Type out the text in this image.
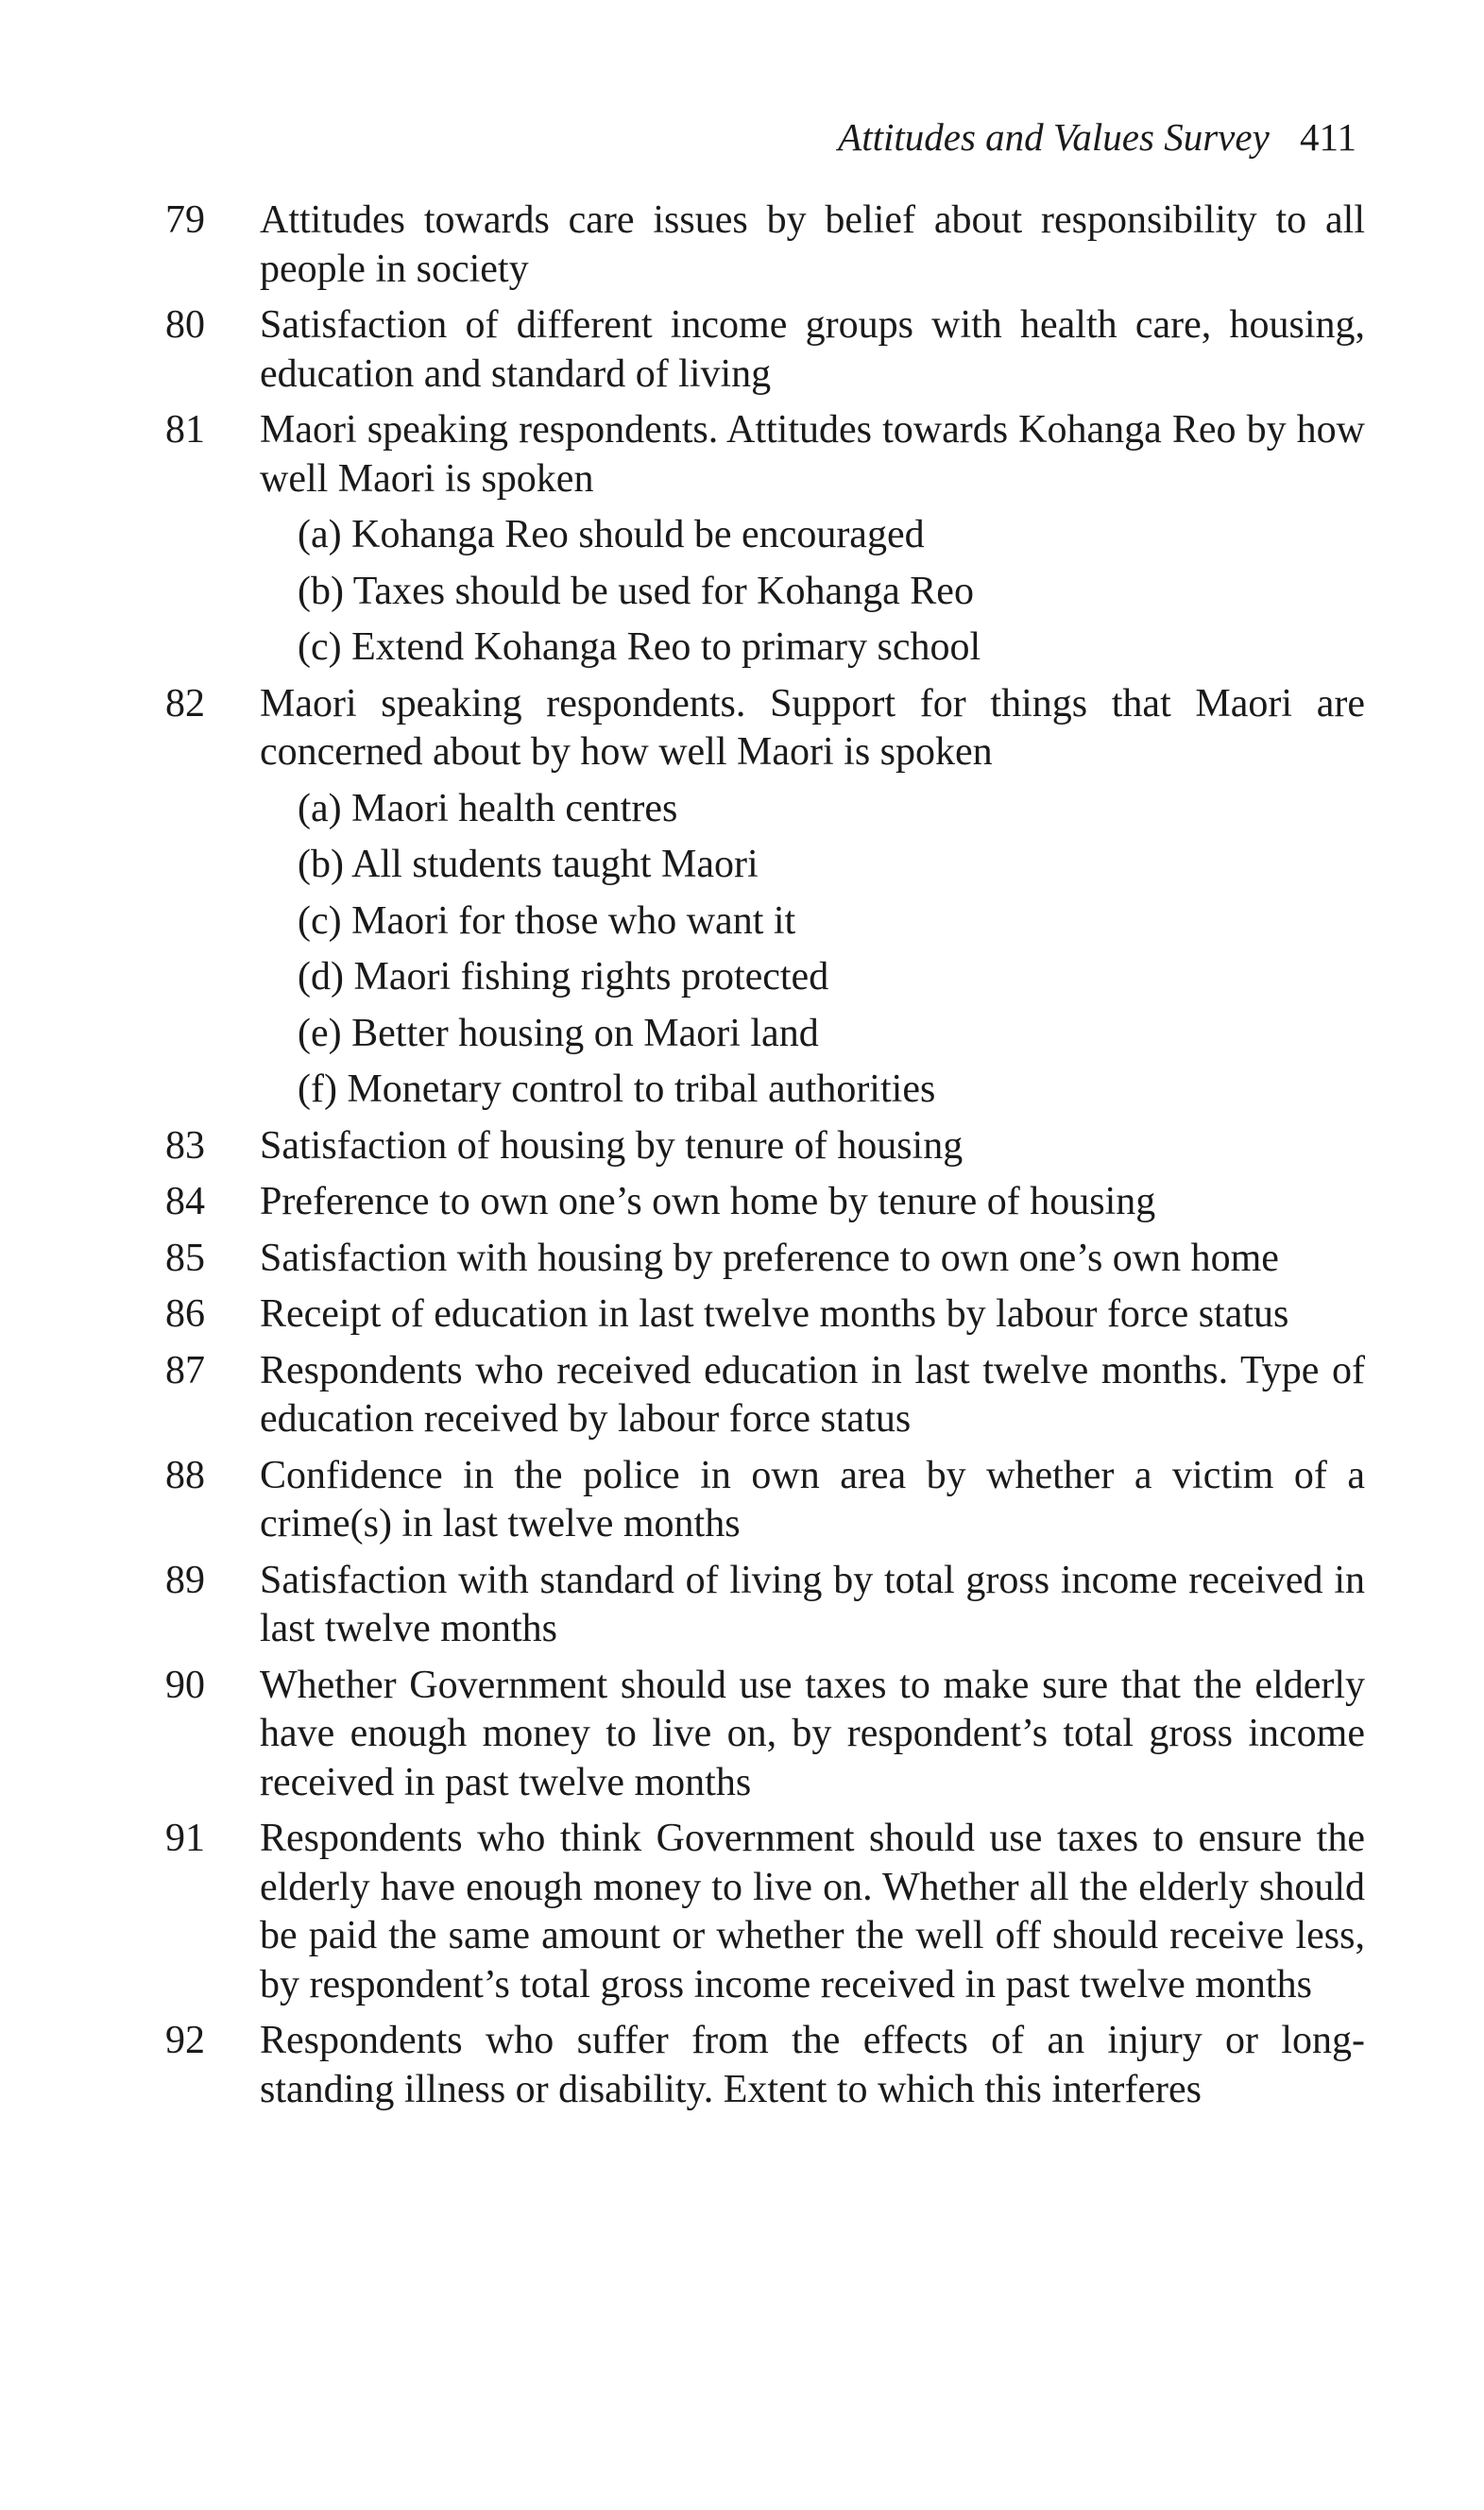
Attitudes and Values Survey 411
79	Attitudes towards care issues by belief about responsibility to all people in society
80	Satisfaction of different income groups with health care, housing, education and standard of living
81	Maori speaking respondents. Attitudes towards Kohanga Reo by how well Maori is spoken
(a) Kohanga Reo should be encouraged
(b) Taxes should be used for Kohanga Reo
(c) Extend Kohanga Reo to primary school
82	Maori speaking respondents. Support for things that Maori are concerned about by how well Maori is spoken
(a) Maori health centres
(b) All students taught Maori
(c) Maori for those who want it
(d) Maori fishing rights protected
(e) Better housing on Maori land
(f) Monetary control to tribal authorities
83	Satisfaction of housing by tenure of housing
84	Preference to own one’s own home by tenure of housing
85	Satisfaction with housing by preference to own one’s own home
86	Receipt of education in last twelve months by labour force status
87	Respondents who received education in last twelve months. Type of education received by labour force status
88	Confidence in the police in own area by whether a victim of a crime(s) in last twelve months
89	Satisfaction with standard of living by total gross income received in last twelve months
90	Whether Government should use taxes to make sure that the elderly have enough money to live on, by respondent’s total gross income received in past twelve months
91	Respondents who think Government should use taxes to ensure the elderly have enough money to live on. Whether all the elderly should be paid the same amount or whether the well off should receive less, by respondent’s total gross income received in past twelve months
92	Respondents who suffer from the effects of an injury or long-standing illness or disability. Extent to which this interferes
